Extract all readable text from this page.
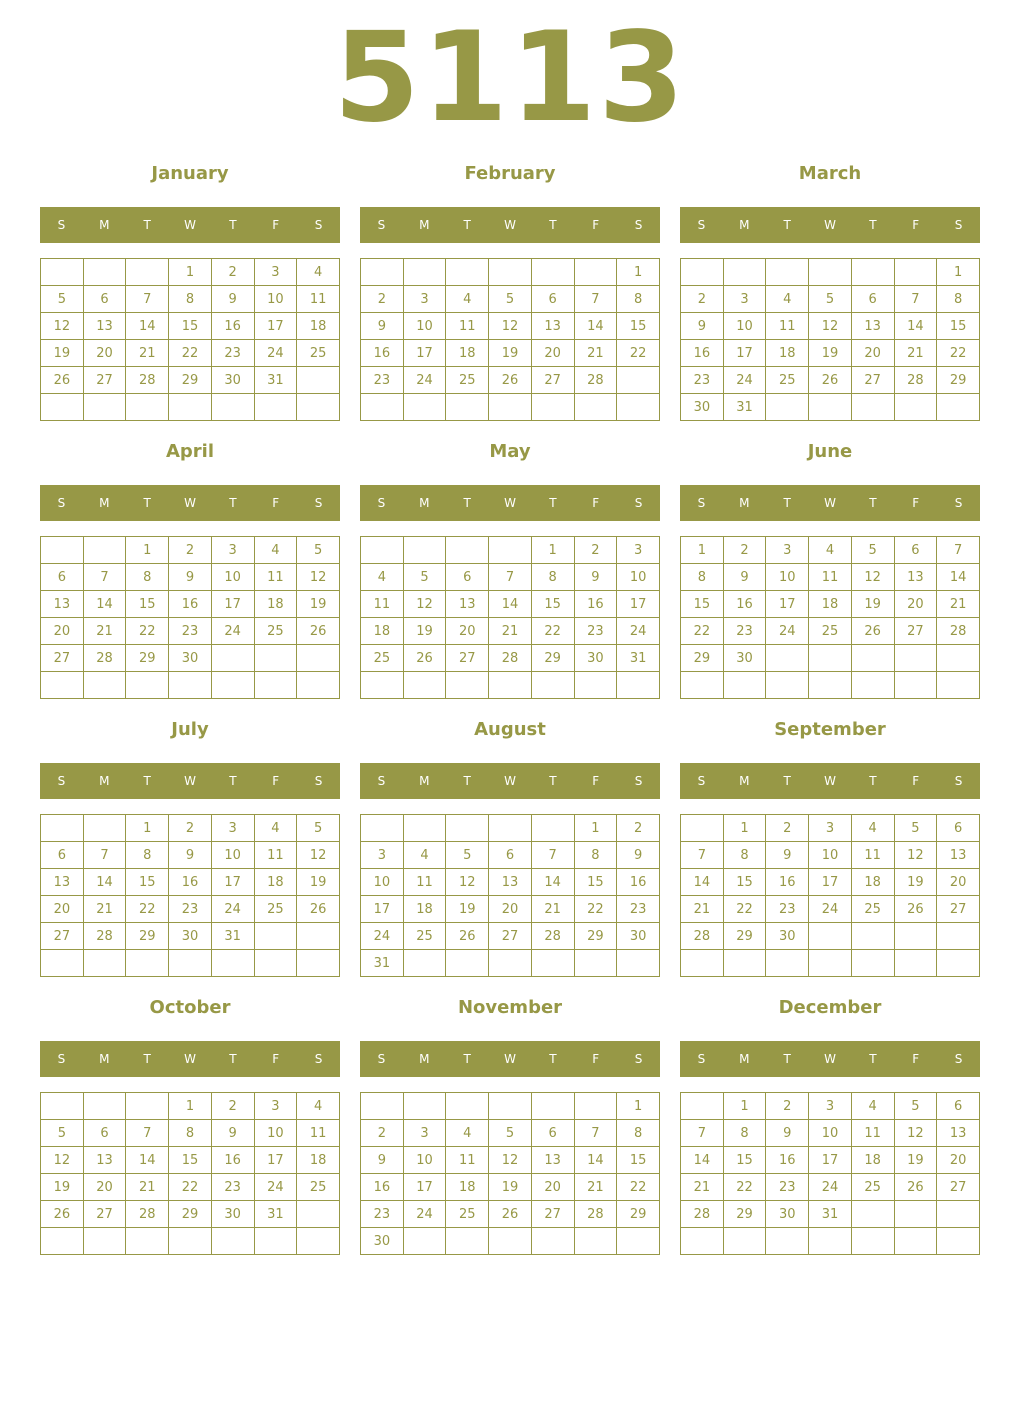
5113
January
S	M	T	W	T	F	S
			1	2	3	4
5	6	7	8	9	10	11
12	13	14	15	16	17	18
19	20	21	22	23	24	25
26	27	28	29	30	31	

February
S	M	T	W	T	F	S
						1
2	3	4	5	6	7	8
9	10	11	12	13	14	15
16	17	18	19	20	21	22
23	24	25	26	27	28	

March
S	M	T	W	T	F	S
						1
2	3	4	5	6	7	8
9	10	11	12	13	14	15
16	17	18	19	20	21	22
23	24	25	26	27	28	29
30	31					
April
S	M	T	W	T	F	S
		1	2	3	4	5
6	7	8	9	10	11	12
13	14	15	16	17	18	19
20	21	22	23	24	25	26
27	28	29	30			

May
S	M	T	W	T	F	S
				1	2	3
4	5	6	7	8	9	10
11	12	13	14	15	16	17
18	19	20	21	22	23	24
25	26	27	28	29	30	31

June
S	M	T	W	T	F	S
1	2	3	4	5	6	7
8	9	10	11	12	13	14
15	16	17	18	19	20	21
22	23	24	25	26	27	28
29	30					

July
S	M	T	W	T	F	S
		1	2	3	4	5
6	7	8	9	10	11	12
13	14	15	16	17	18	19
20	21	22	23	24	25	26
27	28	29	30	31		

August
S	M	T	W	T	F	S
					1	2
3	4	5	6	7	8	9
10	11	12	13	14	15	16
17	18	19	20	21	22	23
24	25	26	27	28	29	30
31						
September
S	M	T	W	T	F	S
	1	2	3	4	5	6
7	8	9	10	11	12	13
14	15	16	17	18	19	20
21	22	23	24	25	26	27
28	29	30				

October
S	M	T	W	T	F	S
			1	2	3	4
5	6	7	8	9	10	11
12	13	14	15	16	17	18
19	20	21	22	23	24	25
26	27	28	29	30	31	

November
S	M	T	W	T	F	S
						1
2	3	4	5	6	7	8
9	10	11	12	13	14	15
16	17	18	19	20	21	22
23	24	25	26	27	28	29
30						
December
S	M	T	W	T	F	S
	1	2	3	4	5	6
7	8	9	10	11	12	13
14	15	16	17	18	19	20
21	22	23	24	25	26	27
28	29	30	31			
